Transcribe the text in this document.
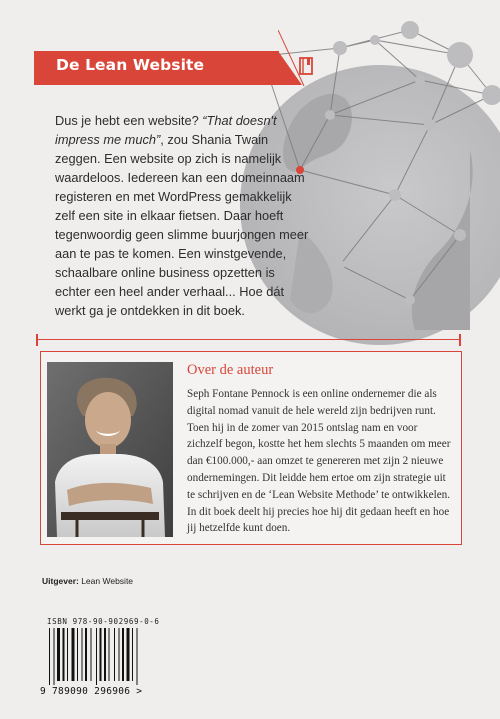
De Lean Website
Dus je hebt een website? “That doesn't impress me much”, zou Shania Twain zeggen. Een website op zich is namelijk waardeloos. Iedereen kan een domeinnaam registeren en met WordPress gemakkelijk zelf een site in elkaar fietsen. Daar hoeft tegenwoordig geen slimme buurjongen meer aan te pas te komen. Een winstgevende, schaalbare online business opzetten is echter een heel ander verhaal... Hoe dát werkt ga je ontdekken in dit boek.
Over de auteur
Seph Fontane Pennock is een online ondernemer die als digital nomad vanuit de hele wereld zijn bedrijven runt. Toen hij in de zomer van 2015 ontslag nam en voor zichzelf begon, kostte het hem slechts 5 maanden om meer dan €100.000,- aan omzet te genereren met zijn 2 nieuwe ondernemingen. Dit leidde hem ertoe om zijn strategie uit te schrijven en de ‘Lean Website Methode’ te ontwikkelen. In dit boek deelt hij precies hoe hij dit gedaan heeft en hoe jij hetzelfde kunt doen.
Uitgever: Lean Website
ISBN 978-90-902969-0-6
9 789090 296906 >
